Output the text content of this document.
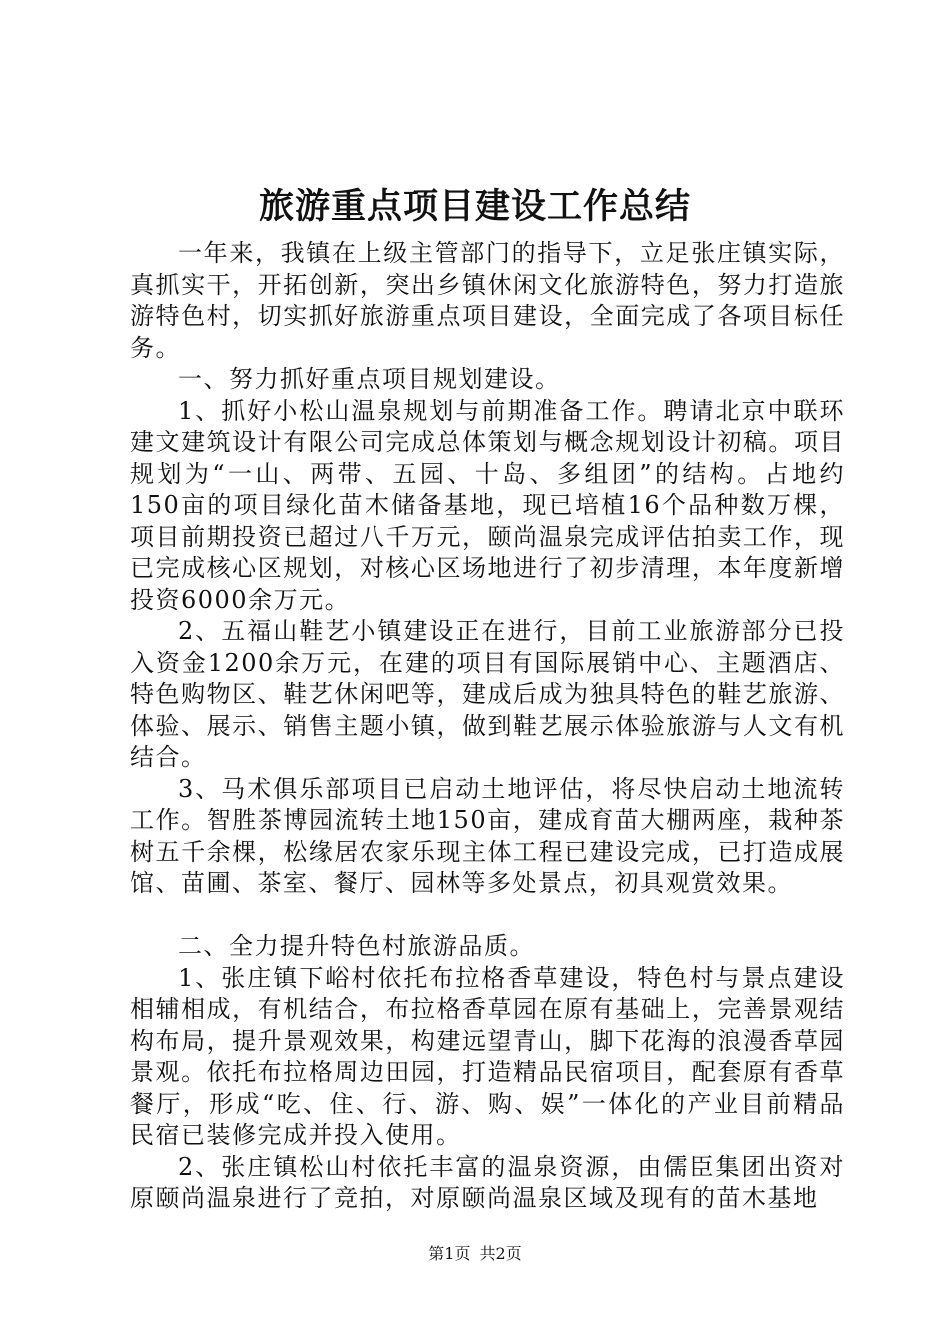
旅游重点项目建设工作总结

一年来，我镇在上级主管部门的指导下，立足张庄镇实际，真抓实干，开拓创新，突出乡镇休闲文化旅游特色，努力打造旅游特色村，切实抓好旅游重点项目建设，全面完成了各项目标任务。

一、努力抓好重点项目规划建设。

1、抓好小松山温泉规划与前期准备工作。聘请北京中联环建文建筑设计有限公司完成总体策划与概念规划设计初稿。项目规划为“一山、两带、五园、十岛、多组团”的结构。占地约150亩的项目绿化苗木储备基地，现已培植16个品种数万棵，项目前期投资已超过八千万元，颐尚温泉完成评估拍卖工作，现已完成核心区规划，对核心区场地进行了初步清理，本年度新增投资6000余万元。

2、五福山鞋艺小镇建设正在进行，目前工业旅游部分已投入资金1200余万元，在建的项目有国际展销中心、主题酒店、特色购物区、鞋艺休闲吧等，建成后成为独具特色的鞋艺旅游、体验、展示、销售主题小镇，做到鞋艺展示体验旅游与人文有机结合。

3、马术俱乐部项目已启动土地评估，将尽快启动土地流转工作。智胜茶博园流转土地150亩，建成育苗大棚两座，栽种茶树五千余棵，松缘居农家乐现主体工程已建设完成，已打造成展馆、苗圃、茶室、餐厅、园林等多处景点，初具观赏效果。

二、全力提升特色村旅游品质。

1、张庄镇下峪村依托布拉格香草建设，特色村与景点建设相辅相成，有机结合，布拉格香草园在原有基础上，完善景观结构布局，提升景观效果，构建远望青山，脚下花海的浪漫香草园景观。依托布拉格周边田园，打造精品民宿项目，配套原有香草餐厅，形成“吃、住、行、游、购、娱”一体化的产业目前精品民宿已装修完成并投入使用。

2、张庄镇松山村依托丰富的温泉资源，由儒臣集团出资对原颐尚温泉进行了竞拍，对原颐尚温泉区域及现有的苗木基地

第1页 共2页
